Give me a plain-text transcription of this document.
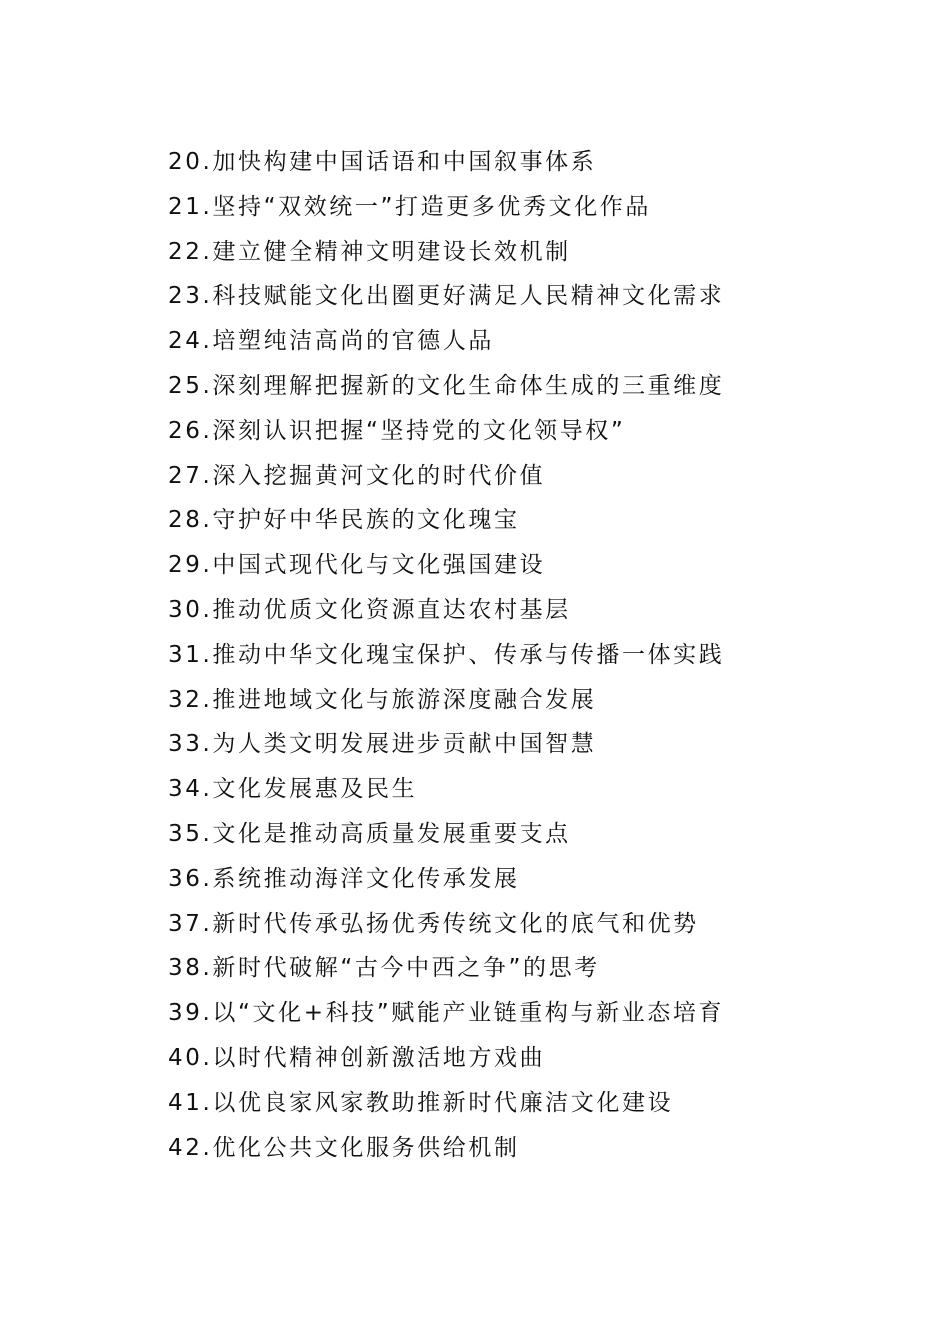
20.加快构建中国话语和中国叙事体系
21.坚持“双效统一”打造更多优秀文化作品
22.建立健全精神文明建设长效机制
23.科技赋能文化出圈更好满足人民精神文化需求
24.培塑纯洁高尚的官德人品
25.深刻理解把握新的文化生命体生成的三重维度
26.深刻认识把握“坚持党的文化领导权”
27.深入挖掘黄河文化的时代价值
28.守护好中华民族的文化瑰宝
29.中国式现代化与文化强国建设
30.推动优质文化资源直达农村基层
31.推动中华文化瑰宝保护、传承与传播一体实践
32.推进地域文化与旅游深度融合发展
33.为人类文明发展进步贡献中国智慧
34.文化发展惠及民生
35.文化是推动高质量发展重要支点
36.系统推动海洋文化传承发展
37.新时代传承弘扬优秀传统文化的底气和优势
38.新时代破解“古今中西之争”的思考
39.以“文化+科技”赋能产业链重构与新业态培育
40.以时代精神创新激活地方戏曲
41.以优良家风家教助推新时代廉洁文化建设
42.优化公共文化服务供给机制
